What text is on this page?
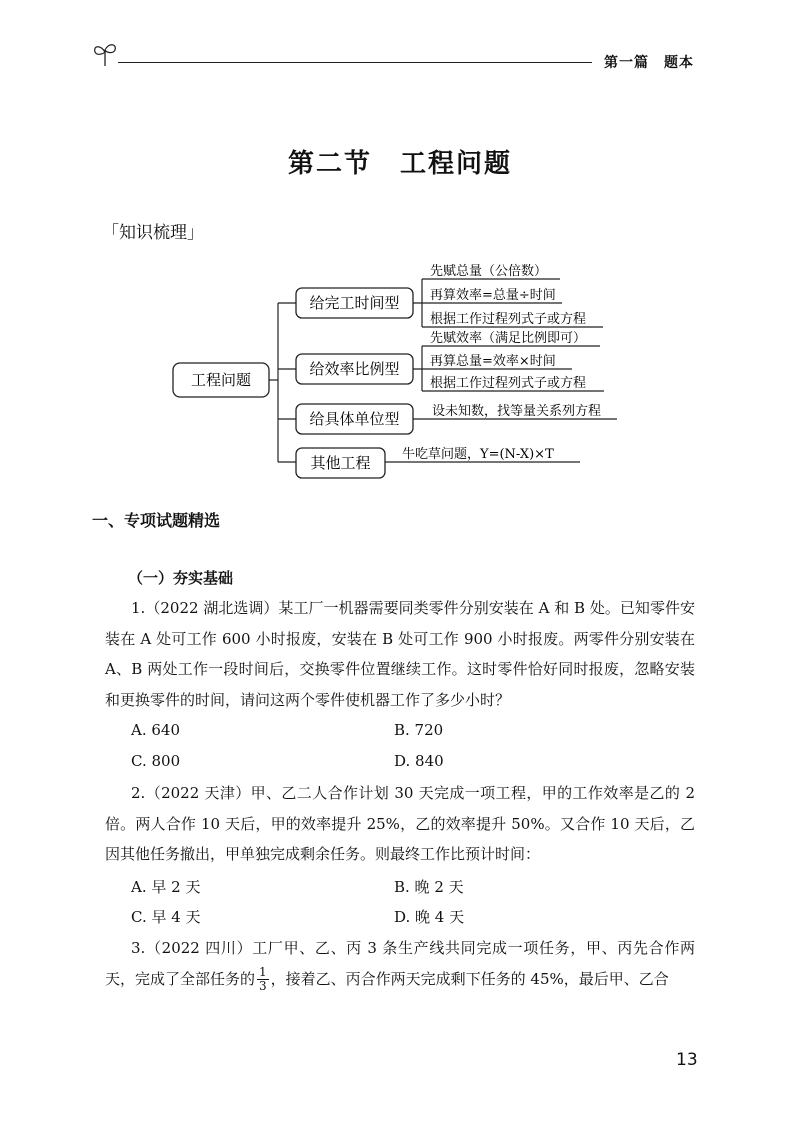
第一篇　题本
第二节 工程问题
「知识梳理」
工程问题
给完工时间型
给效率比例型
给具体单位型
其他工程
先赋总量（公倍数）
再算效率=总量÷时间
根据工作过程列式子或方程
先赋效率（满足比例即可）
再算总量=效率×时间
根据工作过程列式子或方程
设未知数，找等量关系列方程
牛吃草问题，Y=(N-X)×T
一、专项试题精选
（一）夯实基础
1.（2022 湖北选调）某工厂一机器需要同类零件分别安装在 A 和 B 处。已知零件安装在 A 处可工作 600 小时报废，安装在 B 处可工作 900 小时报废。两零件分别安装在 A、B 两处工作一段时间后，交换零件位置继续工作。这时零件恰好同时报废，忽略安装和更换零件的时间，请问这两个零件使机器工作了多少小时？
A. 640	B. 720
C. 800	D. 840
2.（2022 天津）甲、乙二人合作计划 30 天完成一项工程，甲的工作效率是乙的 2 倍。两人合作 10 天后，甲的效率提升 25%，乙的效率提升 50%。又合作 10 天后，乙因其他任务撤出，甲单独完成剩余任务。则最终工作比预计时间：
A. 早 2 天	B. 晚 2 天
C. 早 4 天	D. 晚 4 天
3.（2022 四川）工厂甲、乙、丙 3 条生产线共同完成一项任务，甲、丙先合作两天，完成了全部任务的 $\frac{1}{3}$ ，接着乙、丙合作两天完成剩下任务的 45%，最后甲、乙合
13
